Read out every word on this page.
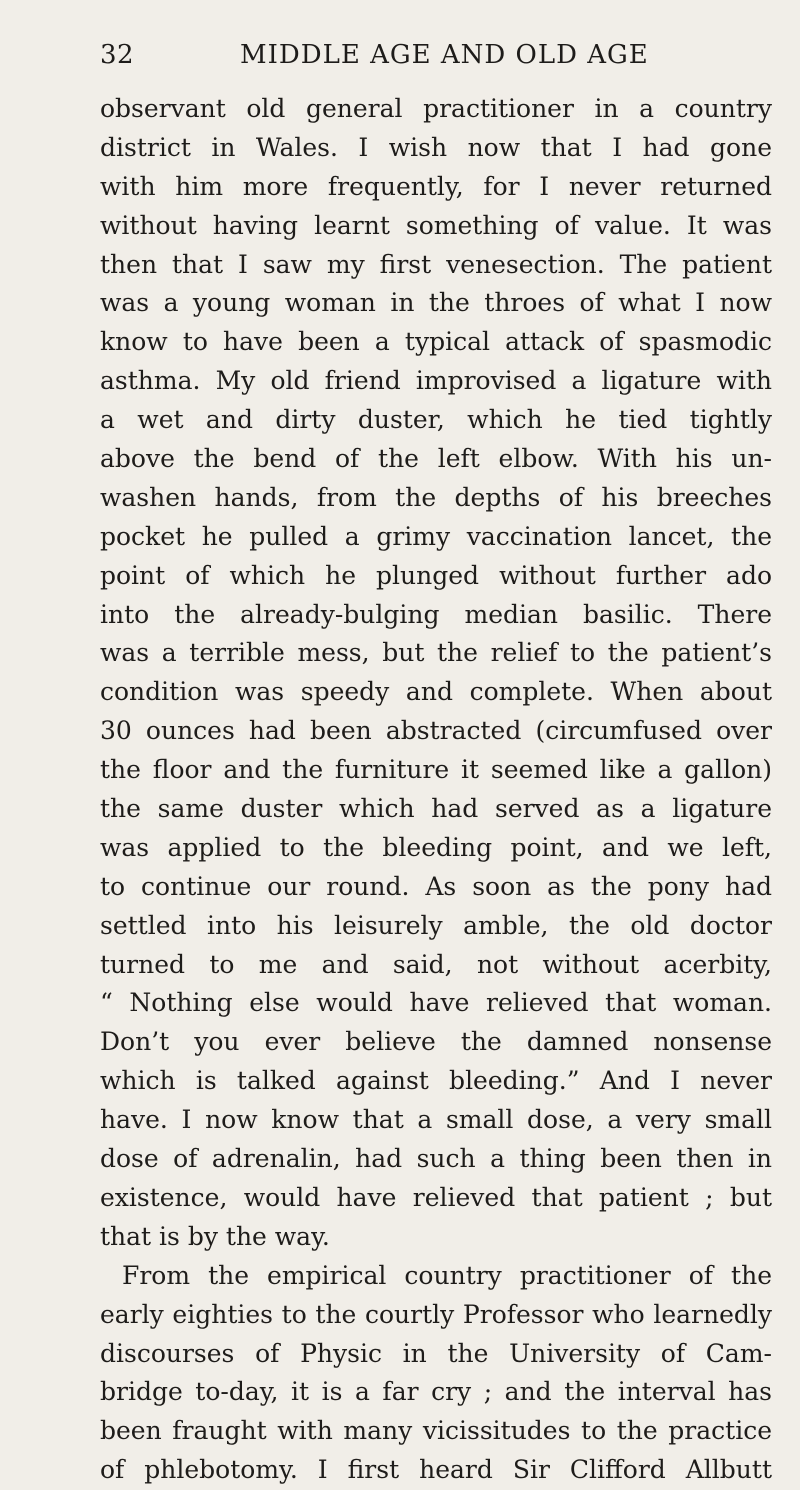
32	MIDDLE AGE AND OLD AGE
observant old general practitioner in a country
district in Wales. I wish now that I had gone
with him more frequently, for I never returned
without having learnt something of value. It was
then that I saw my first venesection. The patient
was a young woman in the throes of what I now
know to have been a typical attack of spasmodic
asthma. My old friend improvised a ligature with
a wet and dirty duster, which he tied tightly
above the bend of the left elbow. With his un-
washen hands, from the depths of his breeches
pocket he pulled a grimy vaccination lancet, the
point of which he plunged without further ado
into the already-bulging median basilic. There
was a terrible mess, but the relief to the patient’s
condition was speedy and complete. When about
30 ounces had been abstracted (circumfused over
the floor and the furniture it seemed like a gallon)
the same duster which had served as a ligature
was applied to the bleeding point, and we left,
to continue our round. As soon as the pony had
settled into his leisurely amble, the old doctor
turned to me and said, not without acerbity,
“ Nothing else would have relieved that woman.
Don’t you ever believe the damned nonsense
which is talked against bleeding.” And I never
have. I now know that a small dose, a very small
dose of adrenalin, had such a thing been then in
existence, would have relieved that patient ; but
that is by the way.
From the empirical country practitioner of the
early eighties to the courtly Professor who learnedly
discourses of Physic in the University of Cam-
bridge to-day, it is a far cry ; and the interval has
been fraught with many vicissitudes to the practice
of phlebotomy. I first heard Sir Clifford Allbutt
